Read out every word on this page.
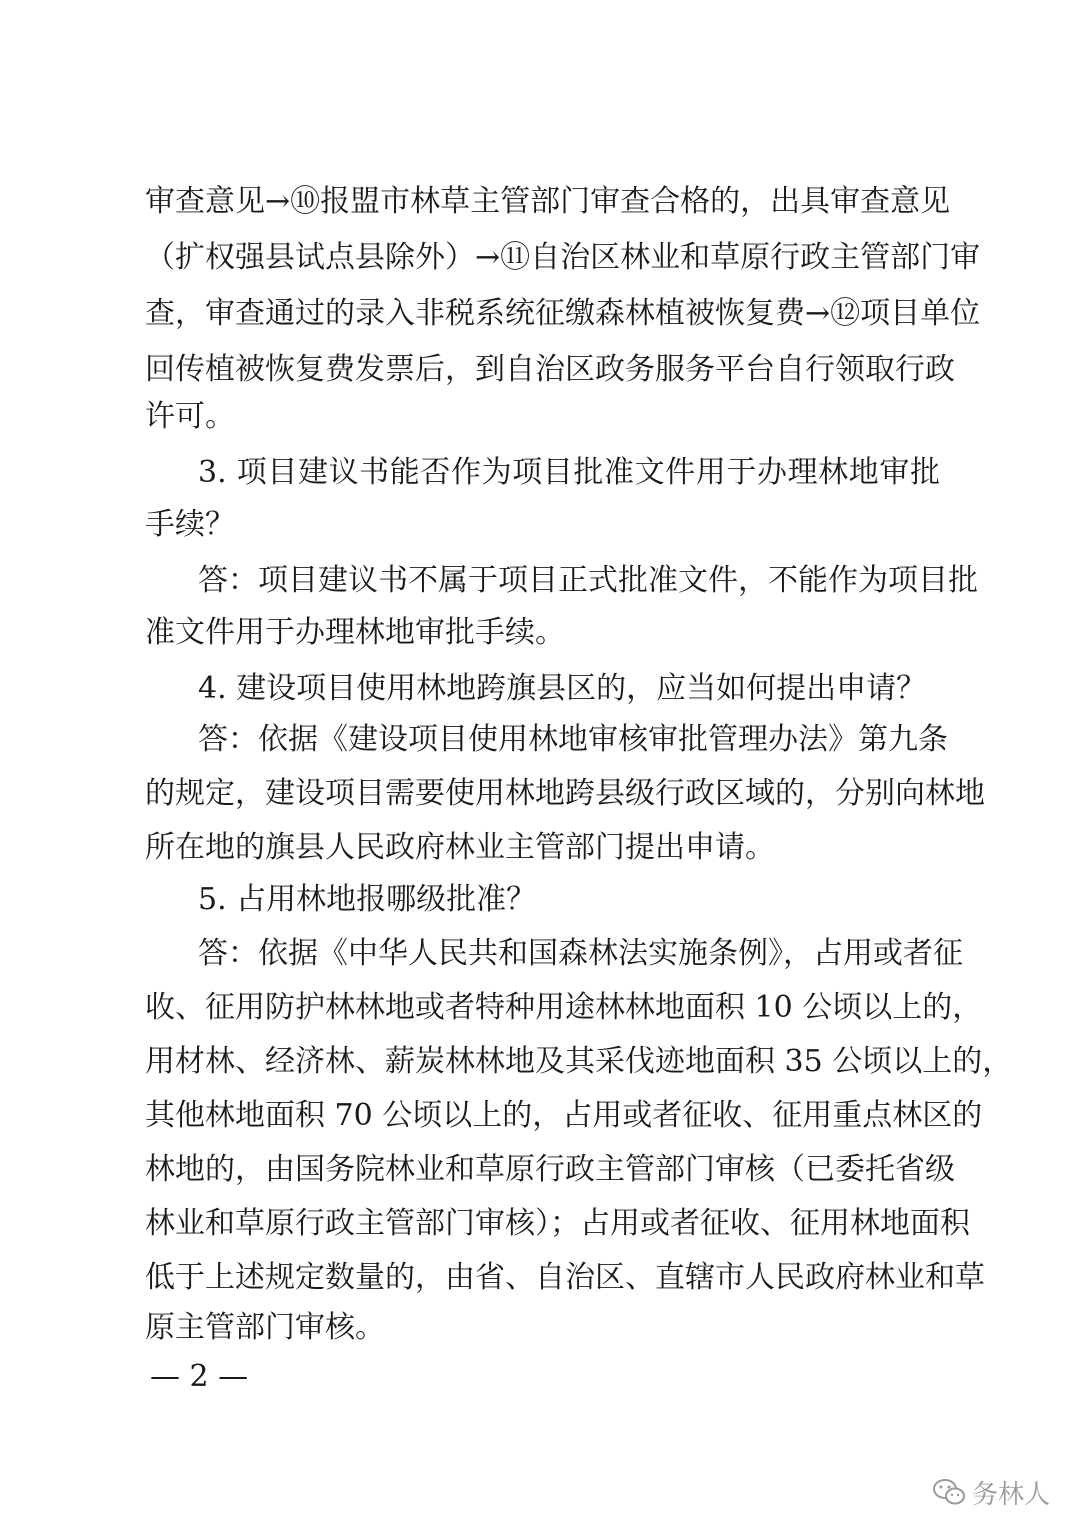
审查意见→⑩报盟市林草主管部门审查合格的，出具审查意见
（扩权强县试点县除外）→⑪自治区林业和草原行政主管部门审
查，审查通过的录入非税系统征缴森林植被恢复费→⑫项目单位
回传植被恢复费发票后，到自治区政务服务平台自行领取行政
许可。
3. 项目建议书能否作为项目批准文件用于办理林地审批
手续？
答：项目建议书不属于项目正式批准文件，不能作为项目批
准文件用于办理林地审批手续。
4. 建设项目使用林地跨旗县区的，应当如何提出申请？
答：依据《建设项目使用林地审核审批管理办法》第九条
的规定，建设项目需要使用林地跨县级行政区域的，分别向林地
所在地的旗县人民政府林业主管部门提出申请。
5. 占用林地报哪级批准？
答：依据《中华人民共和国森林法实施条例》，占用或者征
收、征用防护林林地或者特种用途林林地面积 10 公顷以上的，
用材林、经济林、薪炭林林地及其采伐迹地面积 35 公顷以上的，
其他林地面积 70 公顷以上的，占用或者征收、征用重点林区的
林地的，由国务院林业和草原行政主管部门审核（已委托省级
林业和草原行政主管部门审核）；占用或者征收、征用林地面积
低于上述规定数量的，由省、自治区、直辖市人民政府林业和草
原主管部门审核。
— 2 —
务林人
